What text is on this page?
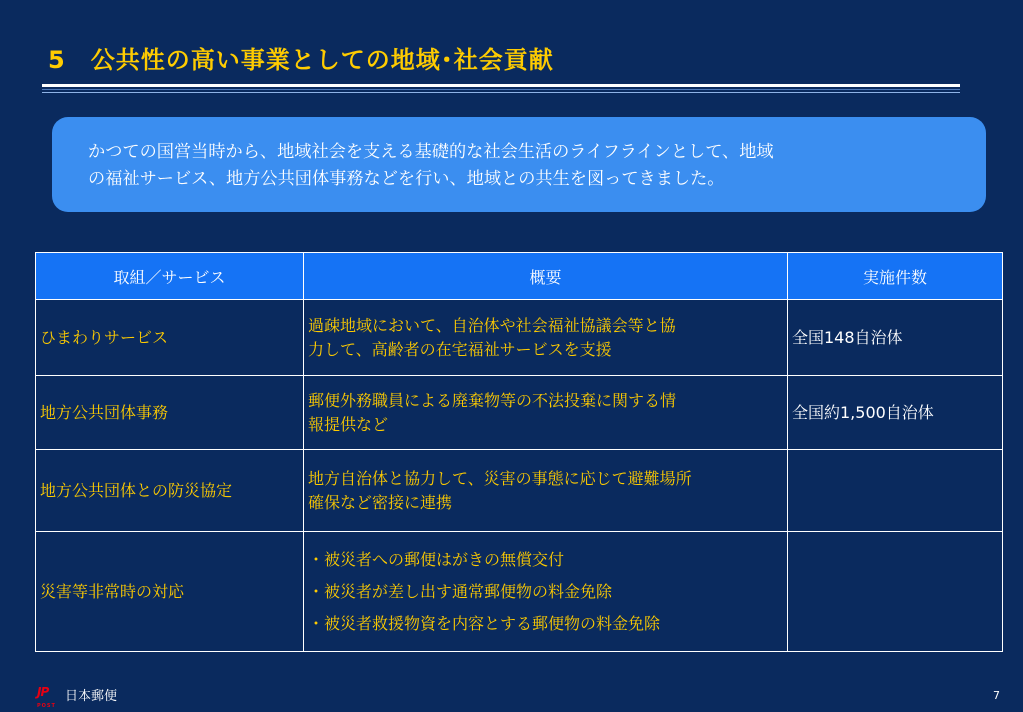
5　公共性の高い事業としての地域･社会貢献
かつての国営当時から、地域社会を支える基礎的な社会生活のライフラインとして、地域
の福祉サービス、地方公共団体事務などを行い、地域との共生を図ってきました。
取組／サービス	概要	実施件数
ひまわりサービス	過疎地域において、自治体や社会福祉協議会等と協
力して、高齢者の在宅福祉サービスを支援	全国148自治体
地方公共団体事務	郵便外務職員による廃棄物等の不法投棄に関する情
報提供など	全国約1,500自治体
地方公共団体との防災協定	地方自治体と協力して、災害の事態に応じて避難場所
確保など密接に連携	

災害等非常時の対応	・被災者への郵便はがきの無償交付
・被災者が差し出す通常郵便物の料金免除
・被災者救援物資を内容とする郵便物の料金免除	

JP
POST
日本郵便	7
